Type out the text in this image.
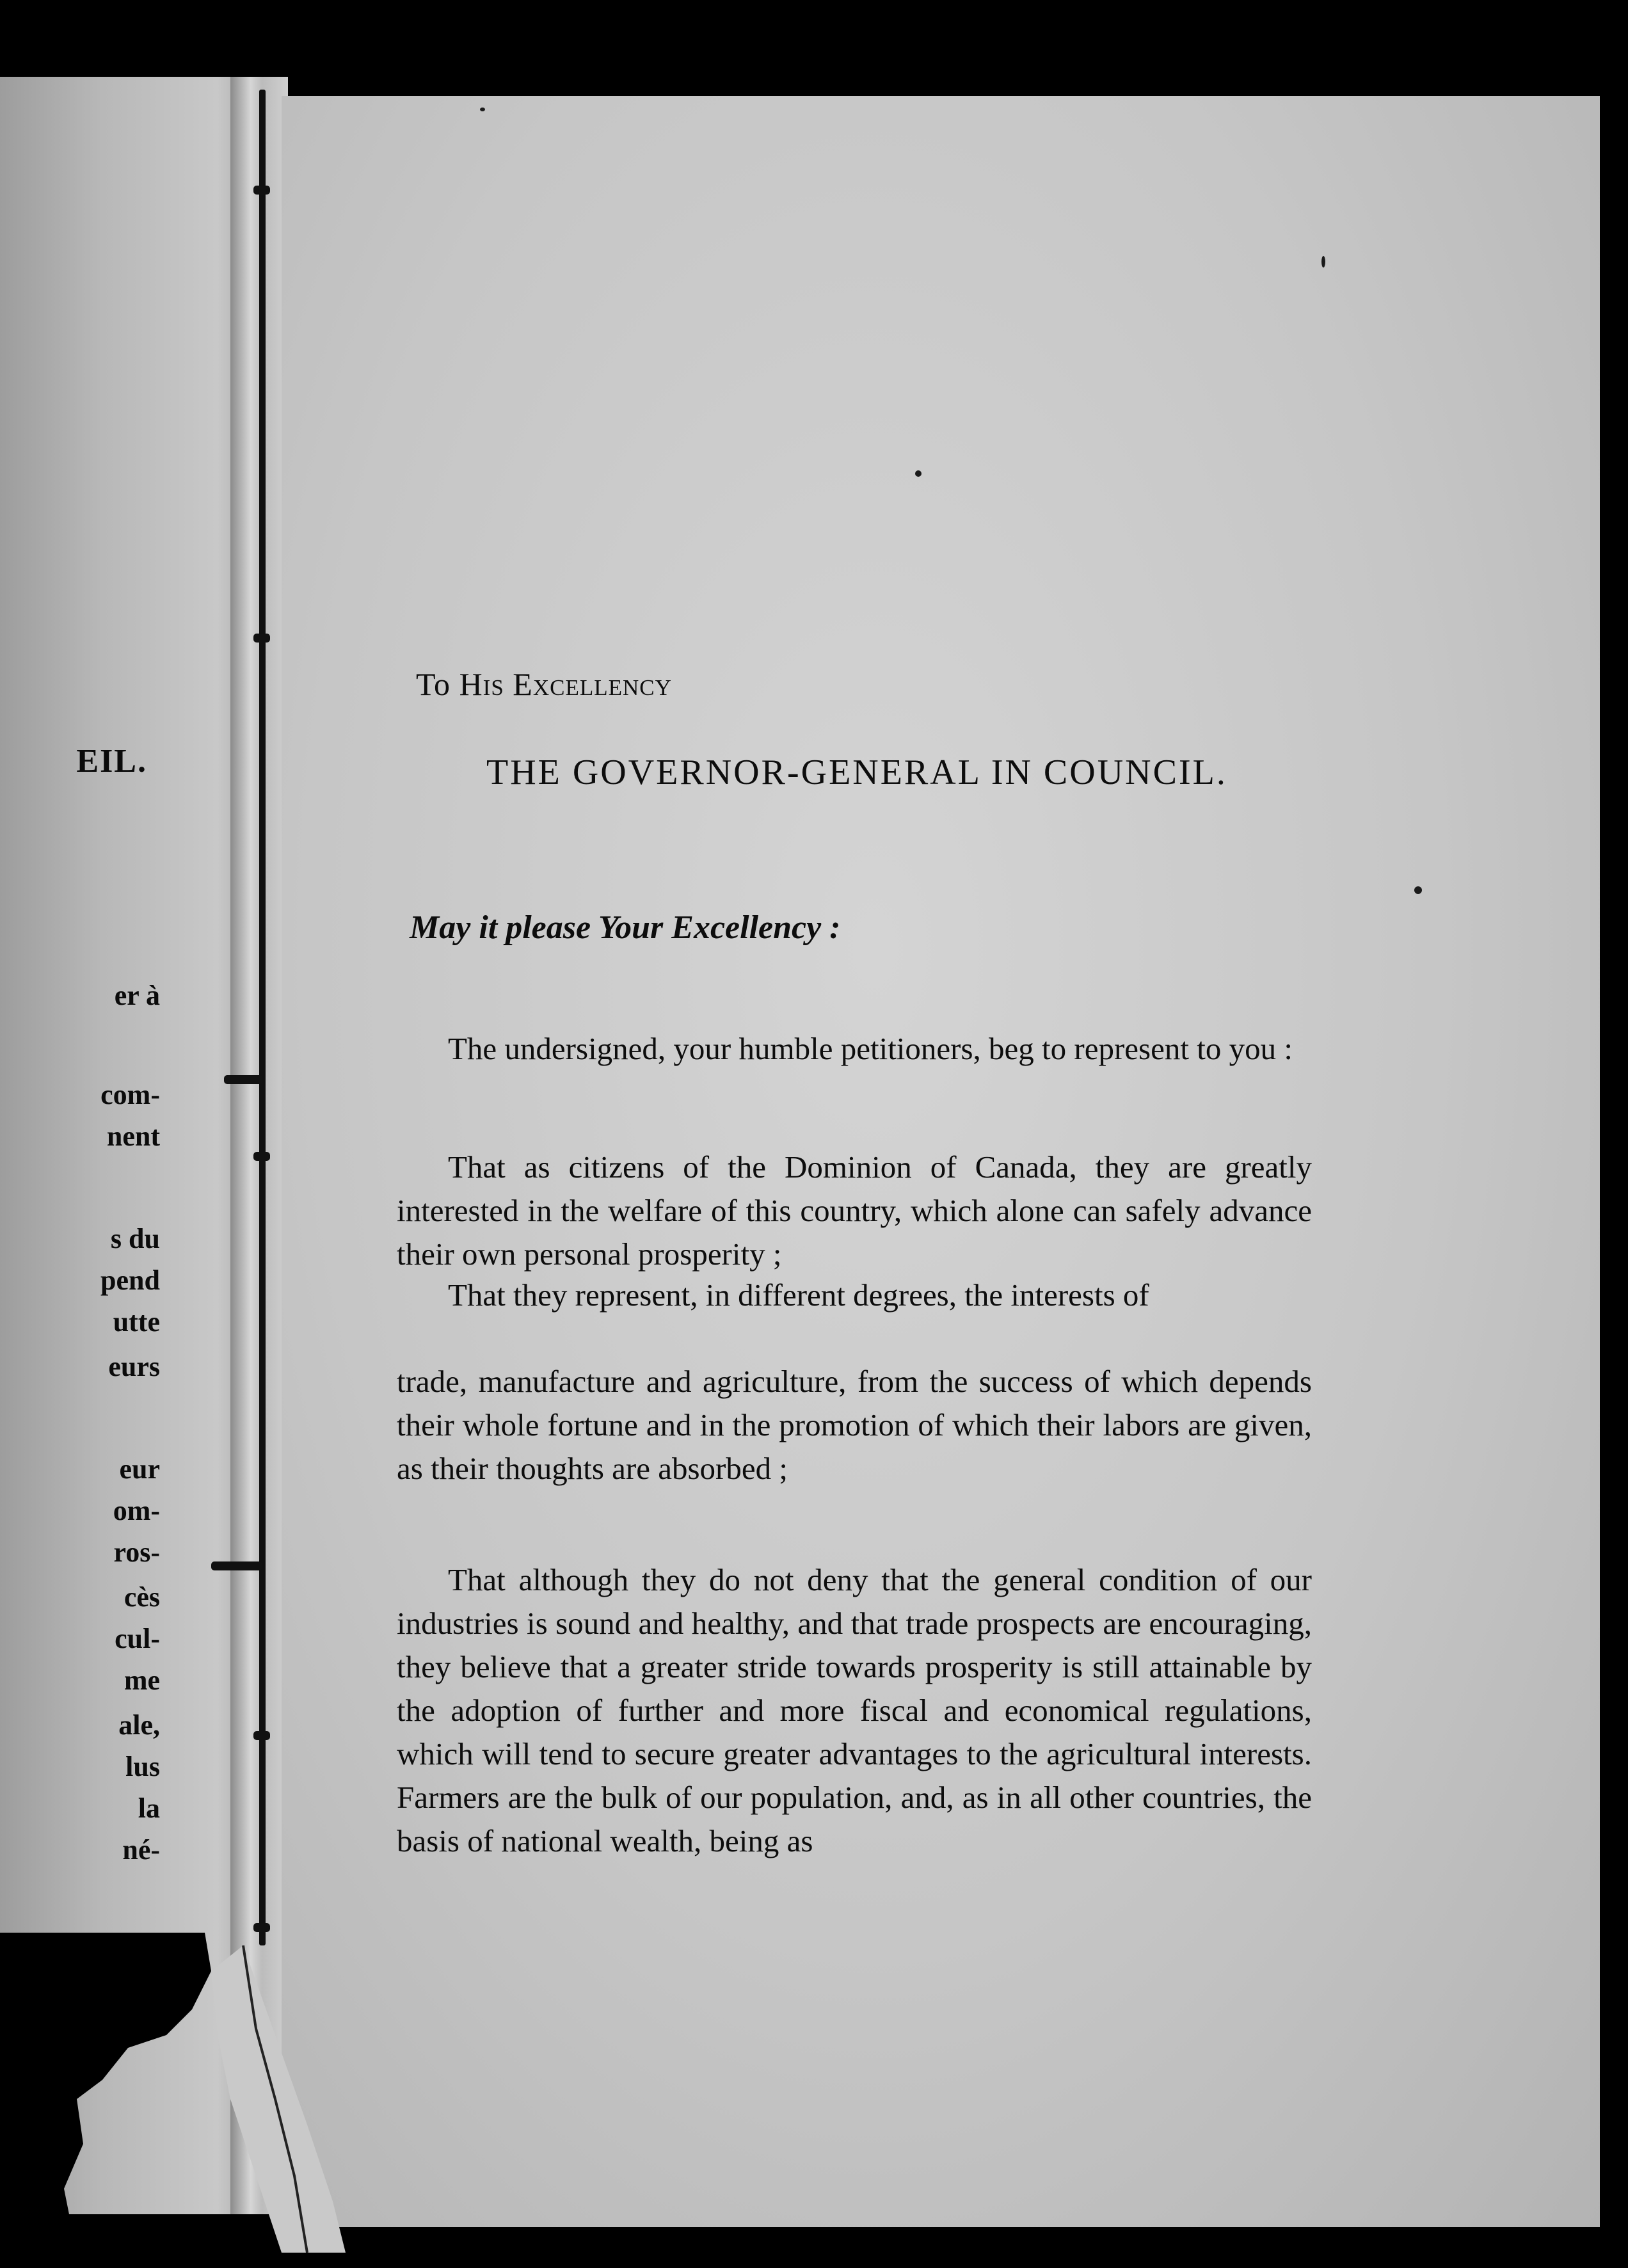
EIL.
er à
com-
nent
s du
pend
utte
eurs
eur
om-
ros-
cès
cul-
me
ale,
lus
la
né-
To His Excellency
THE GOVERNOR-GENERAL IN COUNCIL.
May it please Your Excellency :
The undersigned, your humble petitioners, beg to represent to you :
That as citizens of the Dominion of Canada, they are greatly interested in the welfare of this country, which alone can safely advance their own personal prosperity ;
That they represent, in different degrees, the interests of
trade, manufacture and agriculture, from the success of which depends their whole fortune and in the promotion of which their labors are given, as their thoughts are absorbed ;
That although they do not deny that the general condition of our industries is sound and healthy, and that trade prospects are encouraging, they believe that a greater stride towards prosperity is still attainable by the adoption of further and more fiscal and economical regulations, which will tend to secure greater advantages to the agricultural interests. Farmers are the bulk of our population, and, as in all other countries, the basis of national wealth, being as
